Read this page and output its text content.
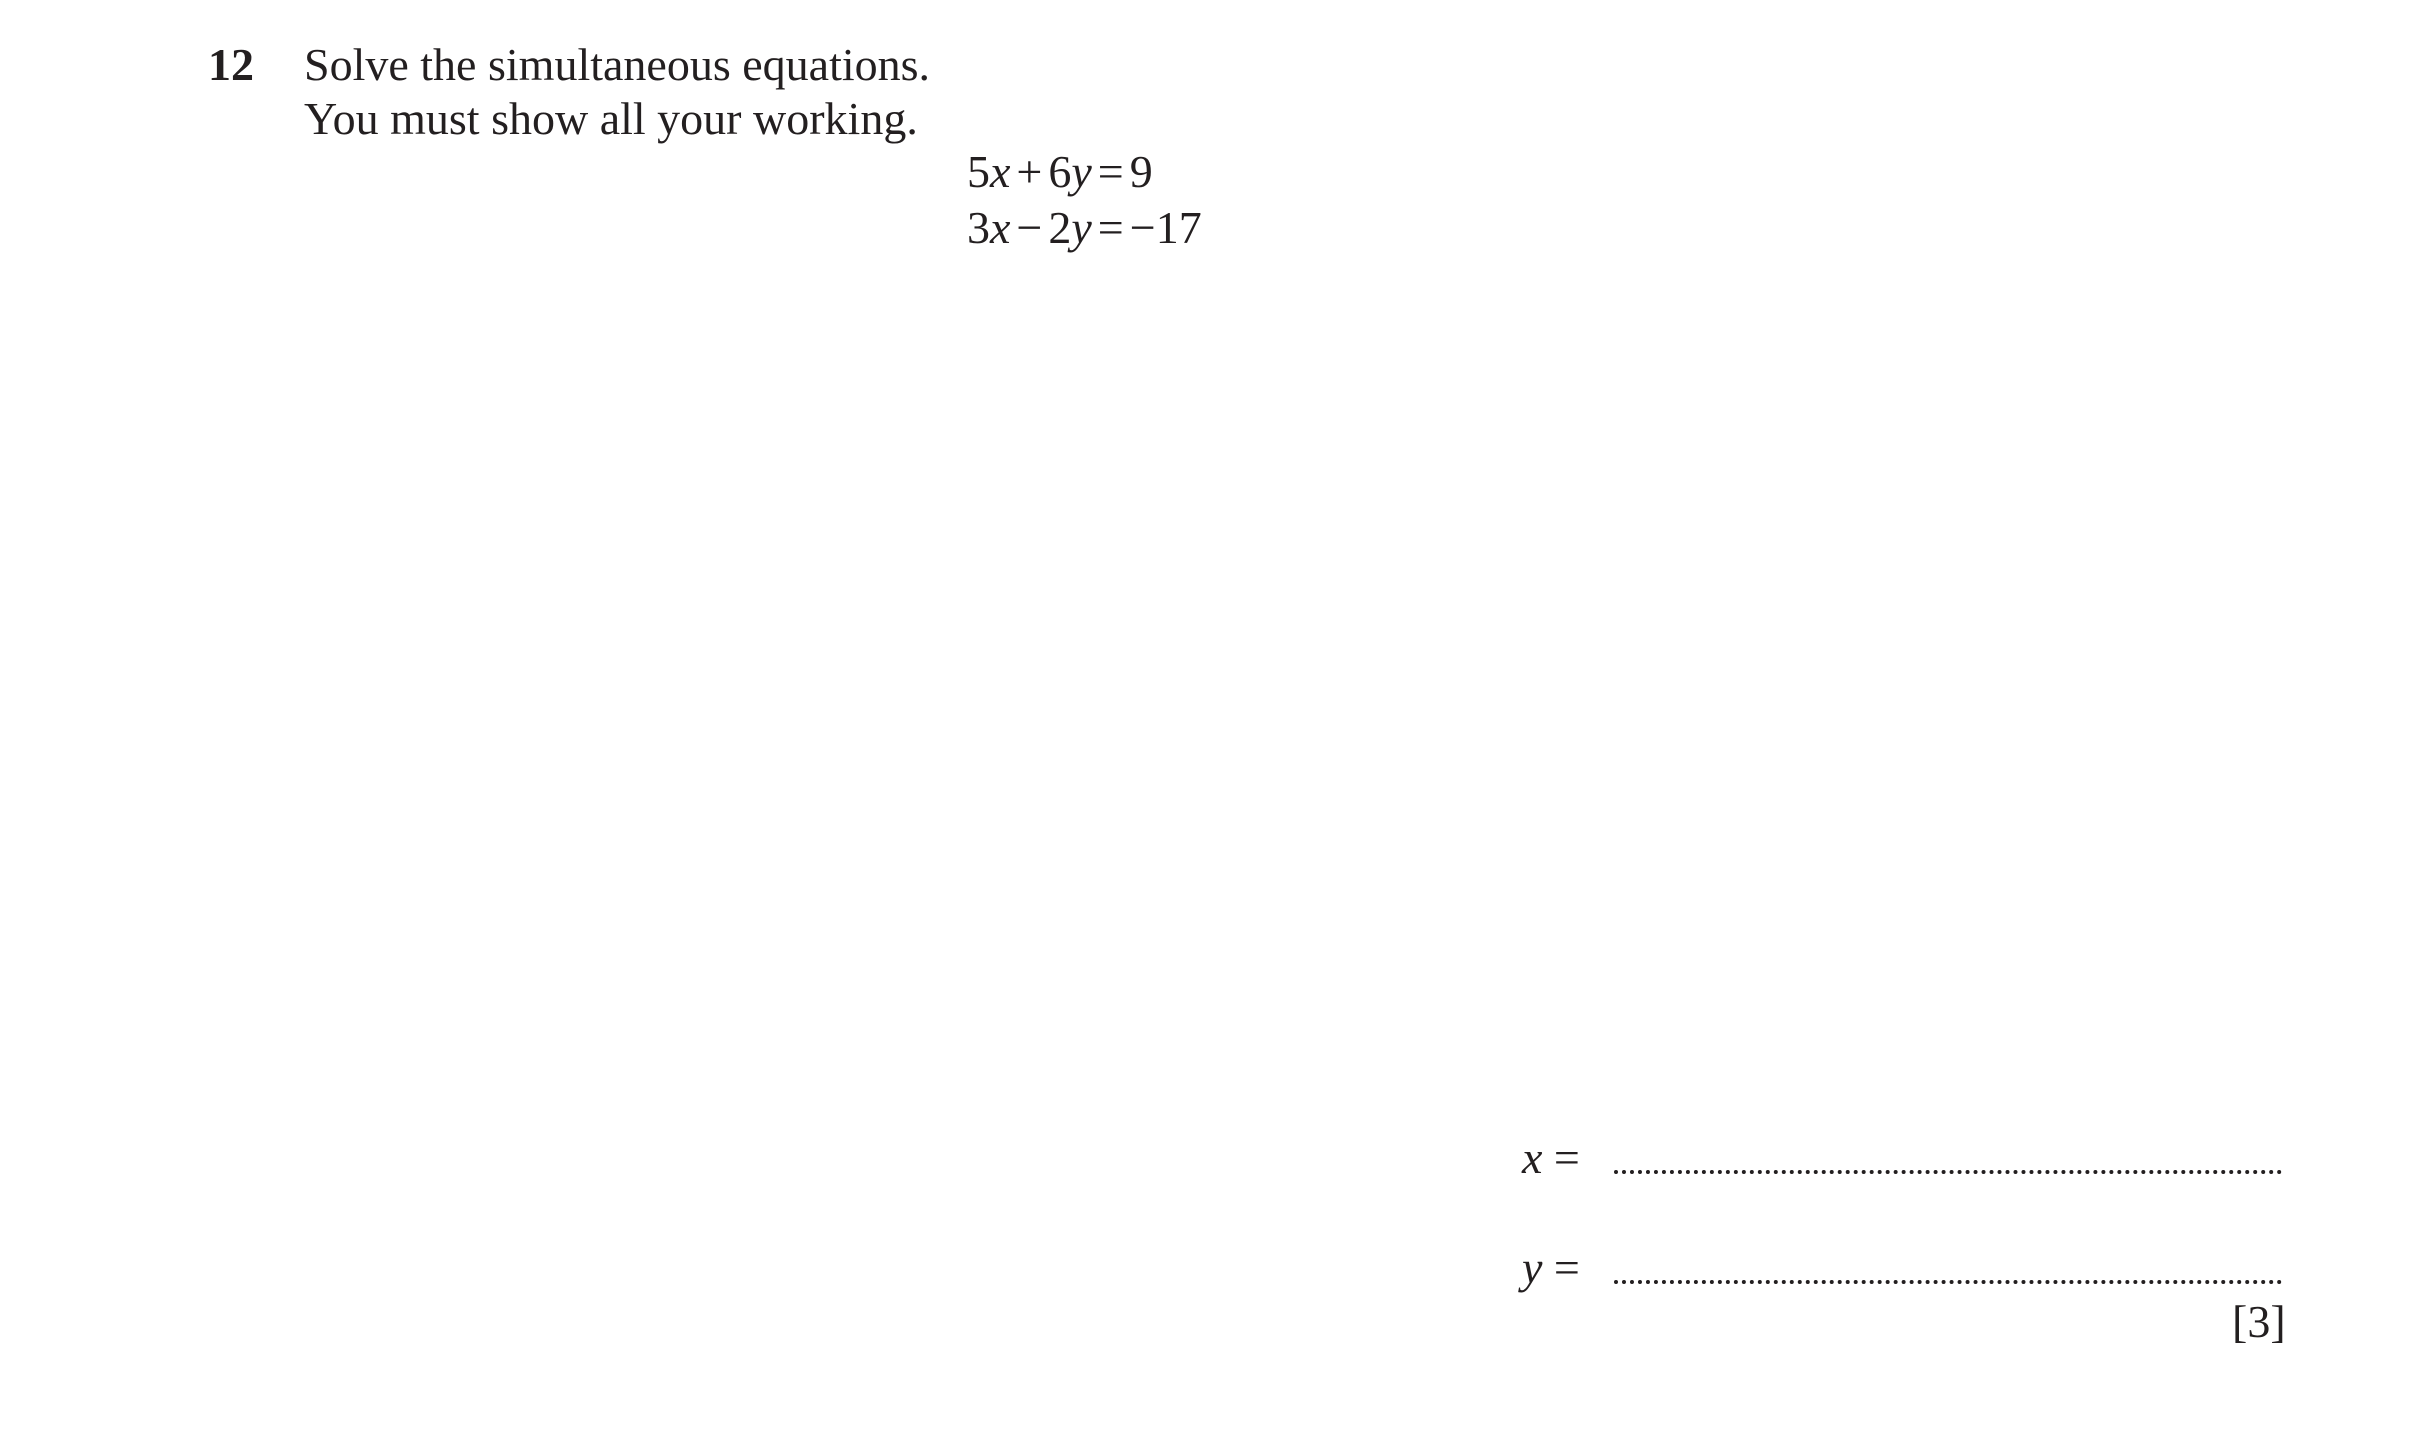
12 Solve the simultaneous equations.
You must show all your working.
5x + 6y = 9
3x − 2y = −17
x =
y =
[3]
